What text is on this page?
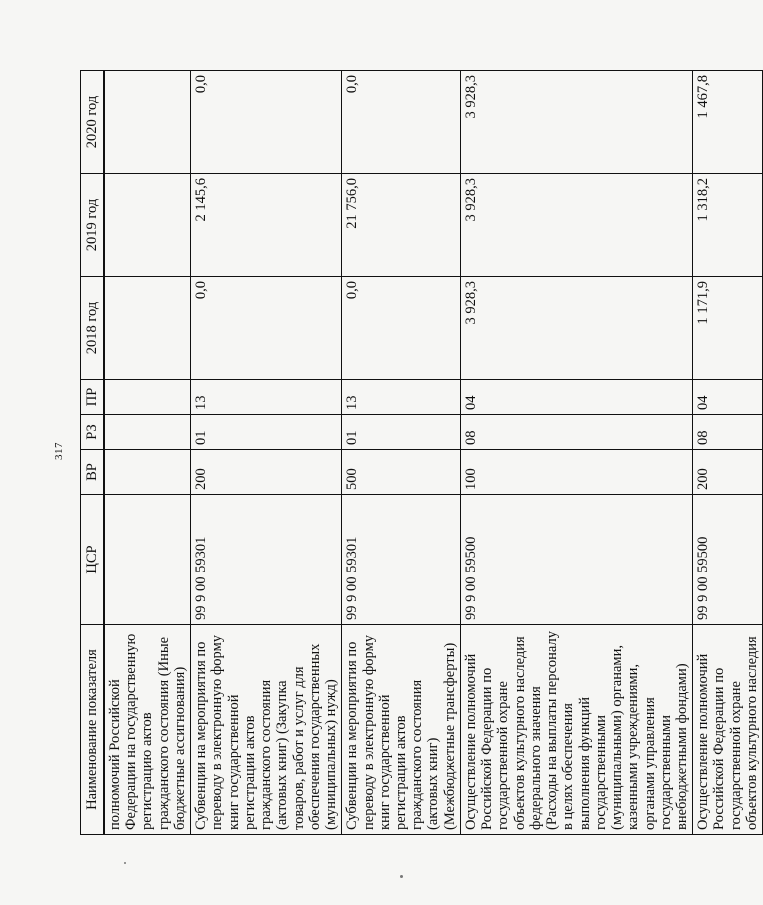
317
Наименование показателя	ЦСР	ВР	РЗ	ПР	2018 год	2019 год	2020 год
полномочий Российской Федерации на государственную регистрацию актов гражданского состояния (Иные бюджетные ассигнования)							
Субвенции на мероприятия по переводу в электронную форму книг государственной регистрации актов гражданского состояния (актовых книг) (Закупка товаров, работ и услуг для обеспечения государственных (муниципальных) нужд)	99 9 00 59301	200	01	13	0,0	2 145,6	0,0
Субвенции на мероприятия по переводу в электронную форму книг государственной регистрации актов гражданского состояния (актовых книг) (Межбюджетные трансферты)	99 9 00 59301	500	01	13	0,0	21 756,0	0,0
Осуществление полномочий Российской Федерации по государственной охране объектов культурного наследия федерального значения (Расходы на выплаты персоналу в целях обеспечения выполнения функций государственными (муниципальными) органами, казенными учреждениями, органами управления государственными внебюджетными фондами)	99 9 00 59500	100	08	04	3 928,3	3 928,3	3 928,3
Осуществление полномочий Российской Федерации по государственной охране объектов культурного наследия	99 9 00 59500	200	08	04	1 171,9	1 318,2	1 467,8
